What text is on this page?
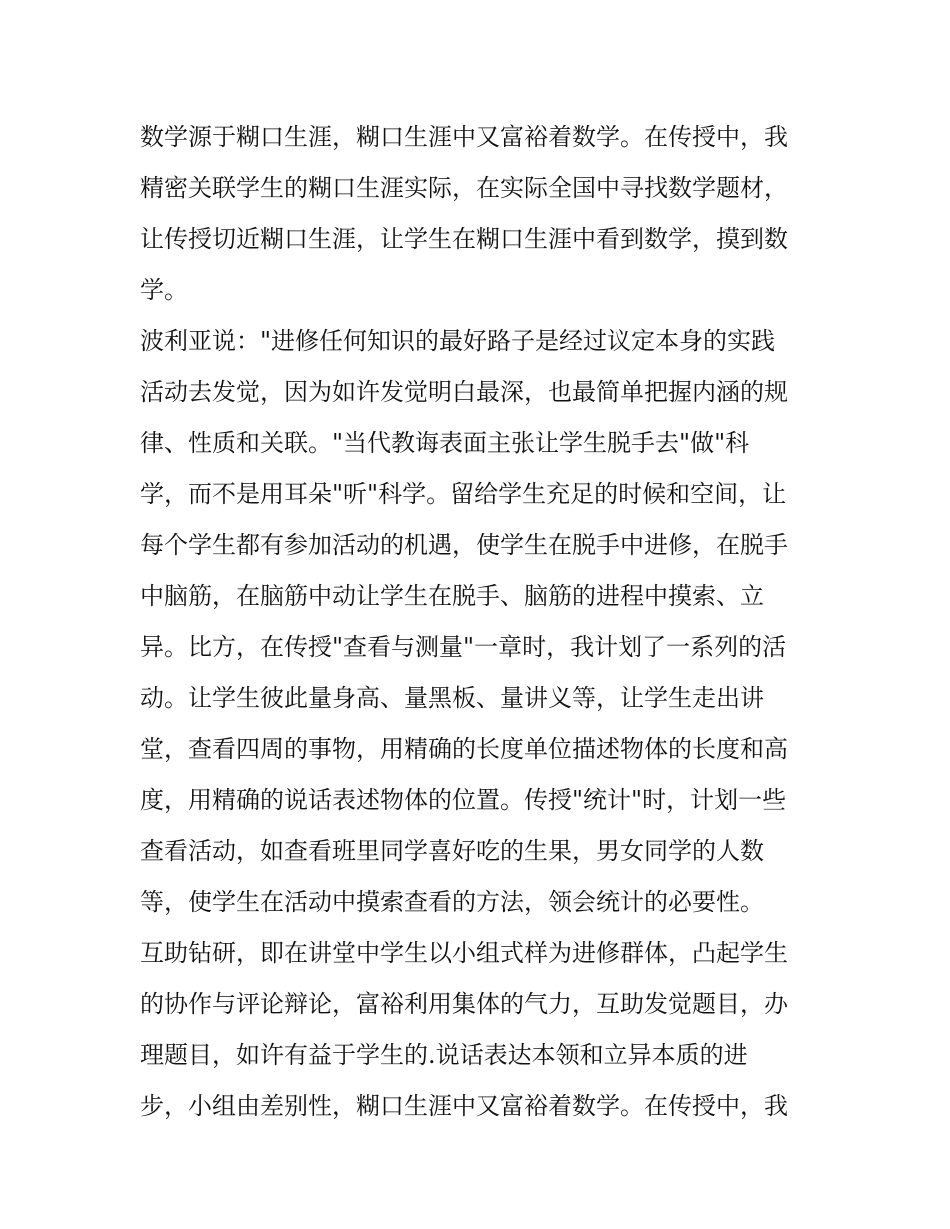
数学源于糊口生涯，糊口生涯中又富裕着数学。在传授中，我
精密关联学生的糊口生涯实际，在实际全国中寻找数学题材，
让传授切近糊口生涯，让学生在糊口生涯中看到数学，摸到数
学。
波利亚说："进修任何知识的最好路子是经过议定本身的实践
活动去发觉，因为如许发觉明白最深，也最简单把握内涵的规
律、性质和关联。"当代教诲表面主张让学生脱手去"做"科
学，而不是用耳朵"听"科学。留给学生充足的时候和空间，让
每个学生都有参加活动的机遇，使学生在脱手中进修，在脱手
中脑筋，在脑筋中动让学生在脱手、脑筋的进程中摸索、立
异。比方，在传授"查看与测量"一章时，我计划了一系列的活
动。让学生彼此量身高、量黑板、量讲义等，让学生走出讲
堂，查看四周的事物，用精确的长度单位描述物体的长度和高
度，用精确的说话表述物体的位置。传授"统计"时，计划一些
查看活动，如查看班里同学喜好吃的生果，男女同学的人数
等，使学生在活动中摸索查看的方法，领会统计的必要性。
互助钻研，即在讲堂中学生以小组式样为进修群体，凸起学生
的协作与评论辩论，富裕利用集体的气力，互助发觉题目，办
理题目，如许有益于学生的.说话表达本领和立异本质的进
步，小组由差别性，糊口生涯中又富裕着数学。在传授中，我
